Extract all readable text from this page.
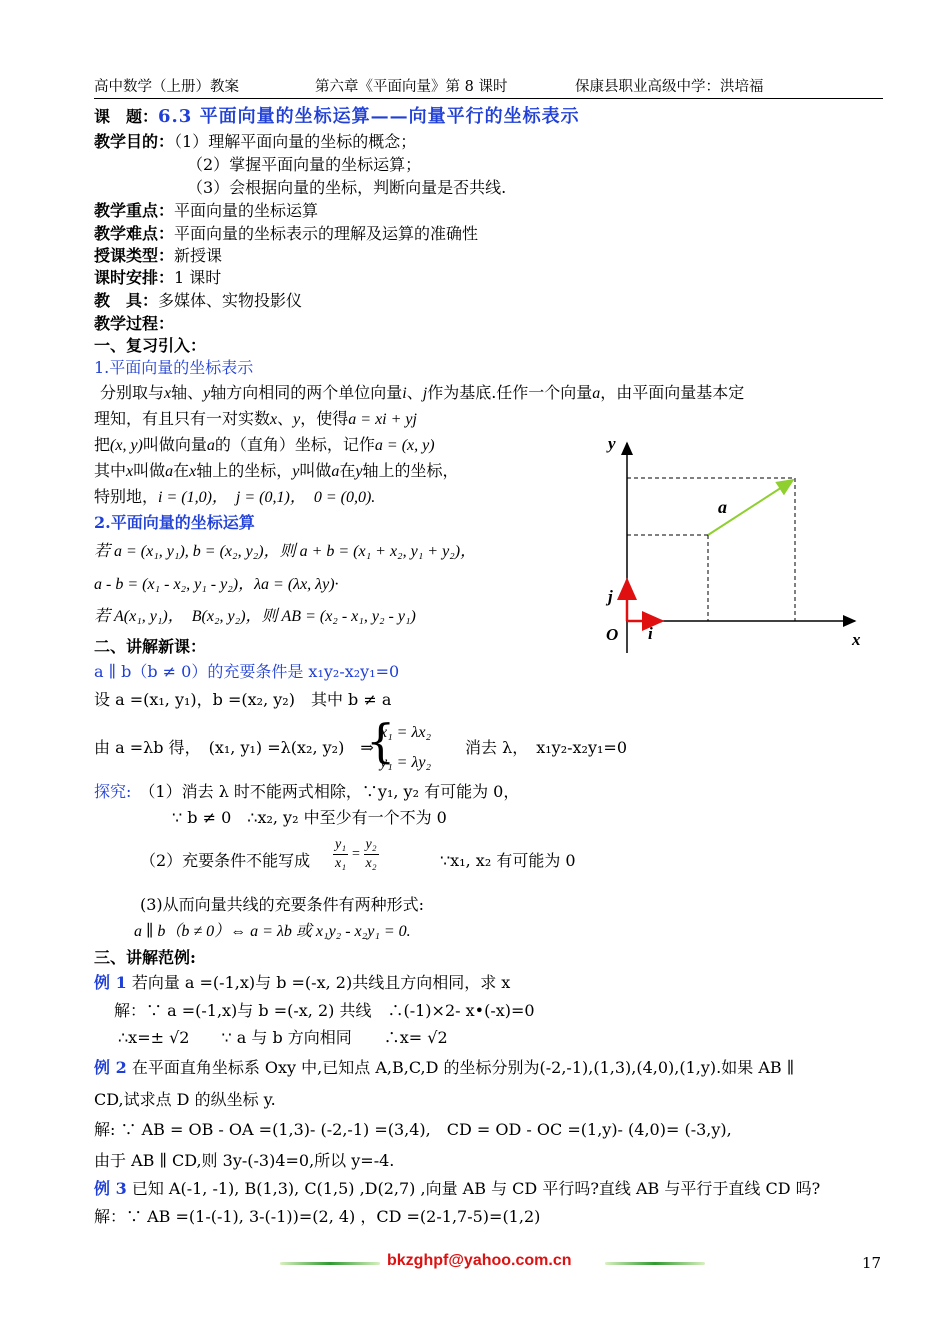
高中数学（上册）教案	第六章《平面向量》第 8 课时	保康县职业高级中学：洪培福
课　题：6.3 平面向量的坐标运算——向量平行的坐标表示
教学目的：（1）理解平面向量的坐标的概念；
（2）掌握平面向量的坐标运算；
（3）会根据向量的坐标，判断向量是否共线.
教学重点：平面向量的坐标运算
教学难点：平面向量的坐标表示的理解及运算的准确性
授课类型：新授课
课时安排：1 课时
教　具：多媒体、实物投影仪
教学过程：
一、复习引入：
1.平面向量的坐标表示
分别取与x轴、y轴方向相同的两个单位向量i、j作为基底.任作一个向量a，由平面向量基本定
理知，有且只有一对实数x、y，使得a = xi + yj
把(x, y)叫做向量a的（直角）坐标，记作a = (x, y)
其中x叫做a在x轴上的坐标，y叫做a在y轴上的坐标，
特别地，i = (1,0)，　j = (0,1)，　0 = (0,0).
2.平面向量的坐标运算
若 a = (x₁, y₁), b = (x₂, y₂)，则 a + b = (x₁ + x₂, y₁ + y₂)，
a - b = (x₁ - x₂, y₁ - y₂)，λa = (λx, λy)·
若 A(x₁, y₁)，　B(x₂, y₂)，则 AB = (x₂ - x₁, y₂ - y₁)
y
x
O i
j
a
二、讲解新课：
a ∥ b（b ≠ 0）的充要条件是 x₁y₂-x₂y₁=0
设 a =(x₁, y₁)，b =(x₂, y₂)　其中 b ≠ a
由 a =λb 得，　(x₁, y₁) =λ(x₂, y₂)　⇒
{
x₁ = λx₂
y₁ = λy₂
消去 λ，　x₁y₂-x₂y₁=0
探究:　 （1）消去 λ 时不能两式相除，∵y₁, y₂ 有可能为 0，
∵ b ≠ 0　∴x₂, y₂ 中至少有一个不为 0
（2）充要条件不能写成 $\frac{\text{y₁}}{\text{x₁}} = \frac{\text{y₂}}{\text{x₂}}$	∵x₁, x₂ 有可能为 0
(3)从而向量共线的充要条件有两种形式:
a ∥ b（b ≠ 0）⇔ a = λb 或 x₁y₂ - x₂y₁ = 0.
三、讲解范例:
例 1 若向量 a =(-1,x)与 b =(-x, 2)共线且方向相同，求 x
解：∵ a =(-1,x)与 b =(-x, 2) 共线　∴(-1)×2- x•(-x)=0
∴x=± √2　　∵ a 与 b 方向相同　　∴x= √2
例 2 在平面直角坐标系 Oxy 中,已知点 A,B,C,D 的坐标分别为(-2,-1),(1,3),(4,0),(1,y).如果 AB ∥
CD,试求点 D 的纵坐标 y.
解: ∵ AB = OB - OA =(1,3)- (-2,-1) =(3,4),　CD = OD - OC =(1,y)- (4,0)= (-3,y),
由于 AB ∥ CD,则 3y-(-3)4=0,所以 y=-4.
例 3 已知 A(-1, -1), B(1,3), C(1,5) ,D(2,7) ,向量 AB 与 CD 平行吗?直线 AB 与平行于直线 CD 吗?
解：∵ AB =(1-(-1), 3-(-1))=(2, 4) ，CD =(2-1,7-5)=(1,2)
bkzghpf@yahoo.com.cn	17
